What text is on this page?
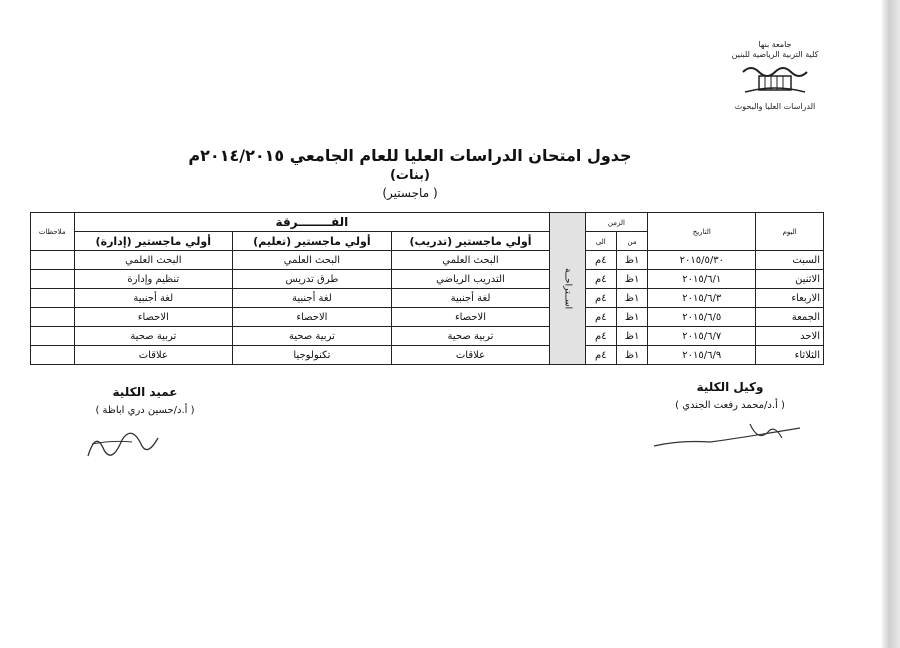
جامعة بنها
كلية التربية الرياضية للبنين
الدراسات العليا والبحوث
جدول امتحان الدراسات العليا للعام الجامعي ٢٠١٤/٢٠١٥م
(بنات)
( ماجستير)
اليوم	التاريخ	الزمن		اســتراحــة	الفــــــــرقة			ملاحظات
		من	الى		أولي ماجستير (تدريب)	أولي ماجستير (تعليم)	أولي ماجستير (إدارة)	
السبت	٢٠١٥/٥/٣٠	١ظ	٤م		البحث العلمي	البحث العلمي	البحث العلمي	
الاثنين	٢٠١٥/٦/١	١ظ	٤م		التدريب الرياضي	طرق تدريس	تنظيم وإدارة	
الاربعاء	٢٠١٥/٦/٣	١ظ	٤م		لغة أجنبية	لغة أجنبية	لغة أجنبية	
الجمعة	٢٠١٥/٦/٥	١ظ	٤م		الاحصاء	الاحصاء	الاحصاء	
الاحد	٢٠١٥/٦/٧	١ظ	٤م		تربية صحية	تربية صحية	تربية صحية	
الثلاثاء	٢٠١٥/٦/٩	١ظ	٤م		علاقات	تكنولوجيا	علاقات	
وكيل الكلية
( أ.د/محمد رفعت الجندي )
عميد الكلية
( أ.د/حسين دري اباظة )
